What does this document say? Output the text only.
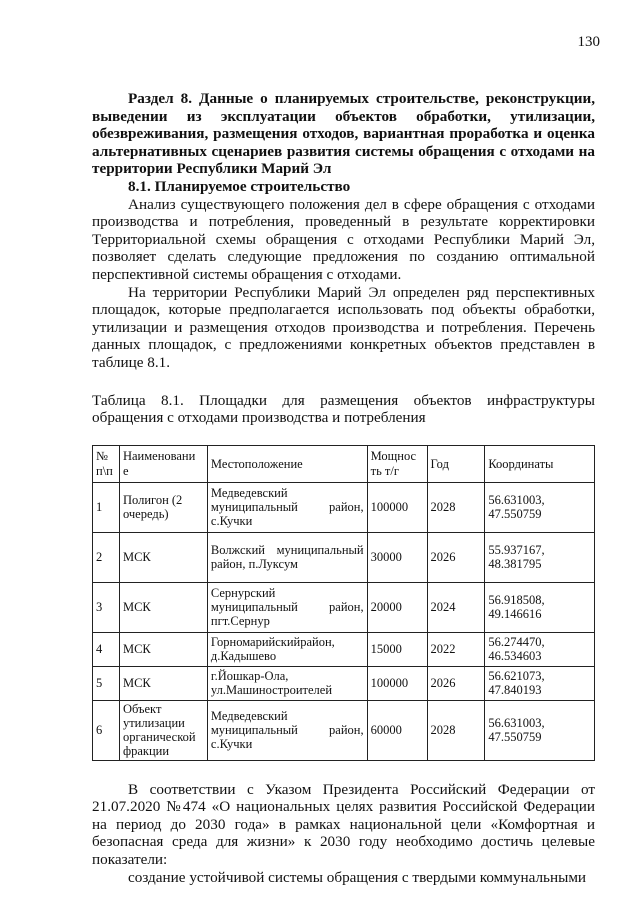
130

Раздел 8. Данные о планируемых строительстве, реконструкции, выведении из эксплуатации объектов обработки, утилизации, обезвреживания, размещения отходов, вариантная проработка и оценка альтернативных сценариев развития системы обращения с отходами на территории Республики Марий Эл

8.1. Планируемое строительство

Анализ существующего положения дел в сфере обращения с отходами производства и потребления, проведенный в результате корректировки Территориальной схемы обращения с отходами Республики Марий Эл, позволяет сделать следующие предложения по созданию оптимальной перспективной системы обращения с отходами.

На территории Республики Марий Эл определен ряд перспективных площадок, которые предполагается использовать под объекты обработки, утилизации и размещения отходов производства и потребления. Перечень данных площадок, с предложениями конкретных объектов представлен в таблице 8.1.

Таблица 8.1. Площадки для размещения объектов инфраструктуры обращения с отходами производства и потребления

№ п\п	Наименовани е	Местоположение	Мощнос ть т/г	Год	Координаты
1	Полигон (2 очередь)	Медведевский муниципальный район, с.Кучки	100000	2028	56.631003, 47.550759
2	МСК	Волжский муниципальный район, п.Луксум	30000	2026	55.937167, 48.381795
3	МСК	Сернурский муниципальный район, пгт.Сернур	20000	2024	56.918508, 49.146616
4	МСК	Горномарийскийрайон, д.Кадышево	15000	2022	56.274470, 46.534603
5	МСК	г.Йошкар-Ола, ул.Машиностроителей	100000	2026	56.621073, 47.840193
6	Объект утилизации органической фракции	Медведевский муниципальный район, с.Кучки	60000	2028	56.631003, 47.550759

В соответствии с Указом Президента Российский Федерации от 21.07.2020 №474 «О национальных целях развития Российской Федерации на период до 2030 года» в рамках национальной цели «Комфортная и безопасная среда для жизни» к 2030 году необходимо достичь целевые показатели:

создание устойчивой системы обращения с твердыми коммунальными
